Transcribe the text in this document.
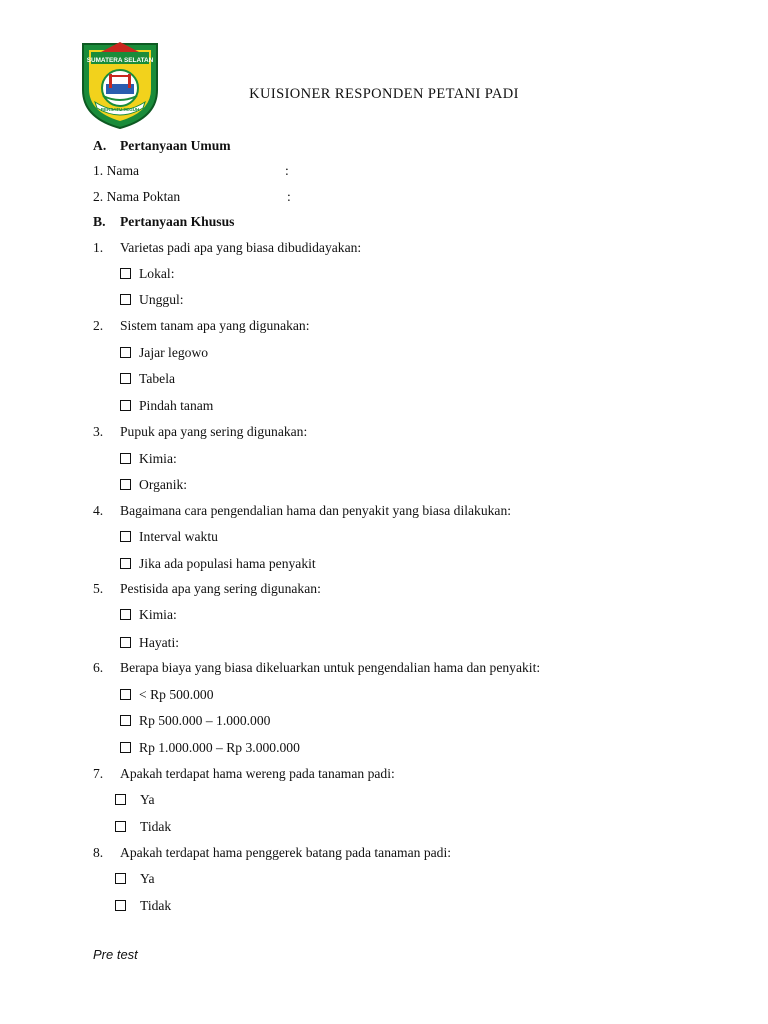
SUMATERA SELATAN
BERSATU TEGUH
KUISIONER RESPONDEN PETANI PADI
A. Pertanyaan Umum
1. Nama	:
2. Nama Poktan	:
B. Pertanyaan Khusus
1. Varietas padi apa yang biasa dibudidayakan:
Lokal:
Unggul:
2. Sistem tanam apa yang digunakan:
Jajar legowo
Tabela
Pindah tanam
3. Pupuk apa yang sering digunakan:
Kimia:
Organik:
4. Bagaimana cara pengendalian hama dan penyakit yang biasa dilakukan:
Interval waktu
Jika ada populasi hama penyakit
5. Pestisida apa yang sering digunakan:
Kimia:
Hayati:
6. Berapa biaya yang biasa dikeluarkan untuk pengendalian hama dan penyakit:
< Rp 500.000
Rp 500.000 – 1.000.000
Rp 1.000.000 – Rp 3.000.000
7. Apakah terdapat hama wereng pada tanaman padi:
Ya
Tidak
8. Apakah terdapat hama penggerek batang pada tanaman padi:
Ya
Tidak
Pre test
